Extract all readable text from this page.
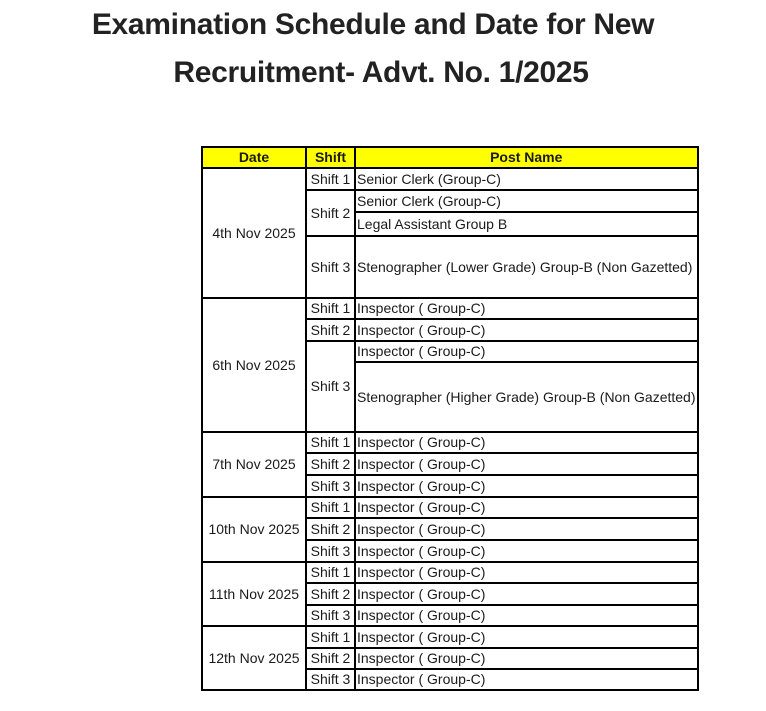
Examination Schedule and Date for New
Recruitment- Advt. No. 1/2025
Date	Shift	Post Name
4th Nov 2025	Shift 1	Senior Clerk (Group-C)
	Shift 2	Senior Clerk (Group-C)
		Legal Assistant Group B
	Shift 3	Stenographer (Lower Grade) Group-B (Non Gazetted)
6th Nov 2025	Shift 1	Inspector ( Group-C)
	Shift 2	Inspector ( Group-C)
	Shift 3	Inspector ( Group-C)
		Stenographer (Higher Grade) Group-B (Non Gazetted)
7th Nov 2025	Shift 1	Inspector ( Group-C)
	Shift 2	Inspector ( Group-C)
	Shift 3	Inspector ( Group-C)
10th Nov 2025	Shift 1	Inspector ( Group-C)
	Shift 2	Inspector ( Group-C)
	Shift 3	Inspector ( Group-C)
11th Nov 2025	Shift 1	Inspector ( Group-C)
	Shift 2	Inspector ( Group-C)
	Shift 3	Inspector ( Group-C)
12th Nov 2025	Shift 1	Inspector ( Group-C)
	Shift 2	Inspector ( Group-C)
	Shift 3	Inspector ( Group-C)
